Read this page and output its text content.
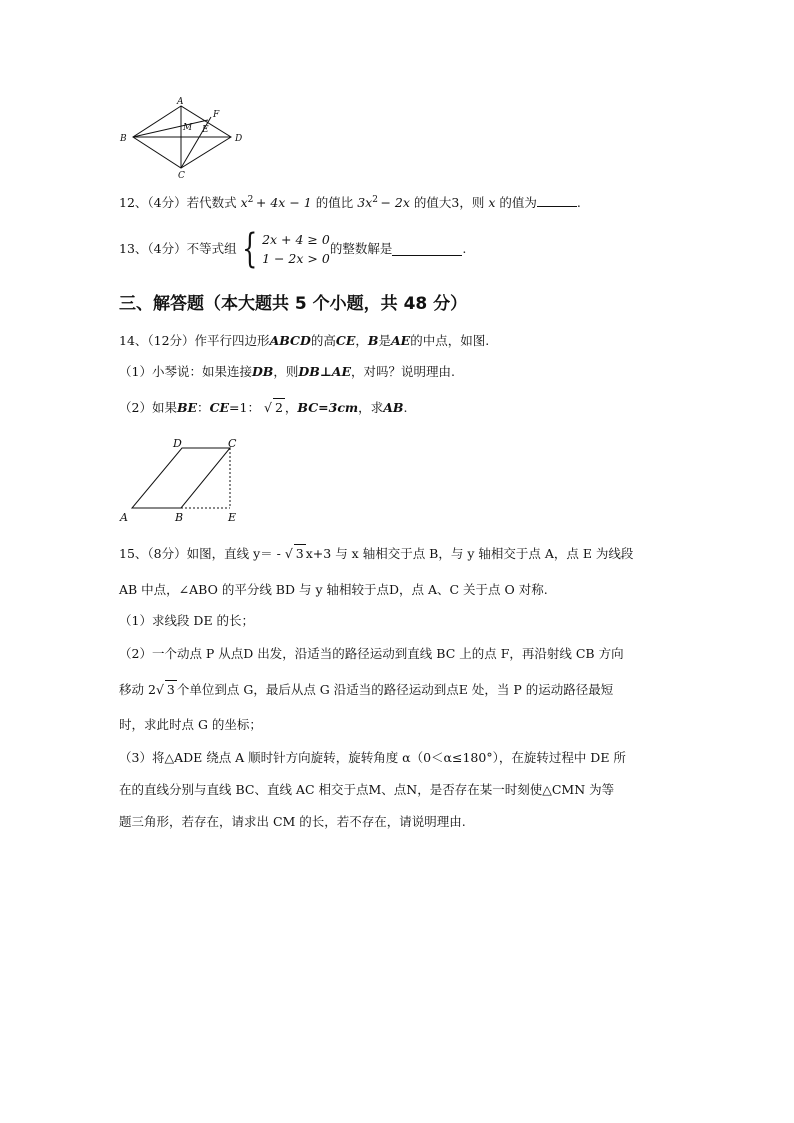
A
B
C
D
E
F
M
12、（4分）若代数式 $x^2 + 4x - 1$ 的值比 $3x^2 - 2x$ 的值大3，则 x 的值为	.
13、（4分）不等式组 { 2x + 4 ≥ 0
1 − 2x > 0
的整数解是	.
三、解答题（本大题共 5 个小题，共 48 分）
14、（12分）作平行四边形ABCD的高CE，B是AE的中点，如图.
（1）小琴说：如果连接DB，则DB⊥AE，对吗？说明理由.
（2）如果BE：CE=1： √ 2 ，BC=3cm，求AB.
D	C
A	B	E
15、（8分）如图，直线 y＝ - √ 3 x+3 与 x 轴相交于点 B，与 y 轴相交于点 A，点 E 为线段
AB 中点，∠ABO 的平分线 BD 与 y 轴相较于点D，点 A、C 关于点 O 对称.
（1）求线段 DE 的长；
（2）一个动点 P 从点D 出发，沿适当的路径运动到直线 BC 上的点 F，再沿射线 CB 方向
移动 2√ 3 个单位到点 G，最后从点 G 沿适当的路径运动到点E 处，当 P 的运动路径最短
时，求此时点 G 的坐标；
（3）将△ADE 绕点 A 顺时针方向旋转，旋转角度 α（0＜α≤180°），在旋转过程中 DE 所
在的直线分别与直线 BC、直线 AC 相交于点M、点N，是否存在某一时刻使△CMN 为等
题三角形，若存在，请求出 CM 的长，若不存在，请说明理由.
